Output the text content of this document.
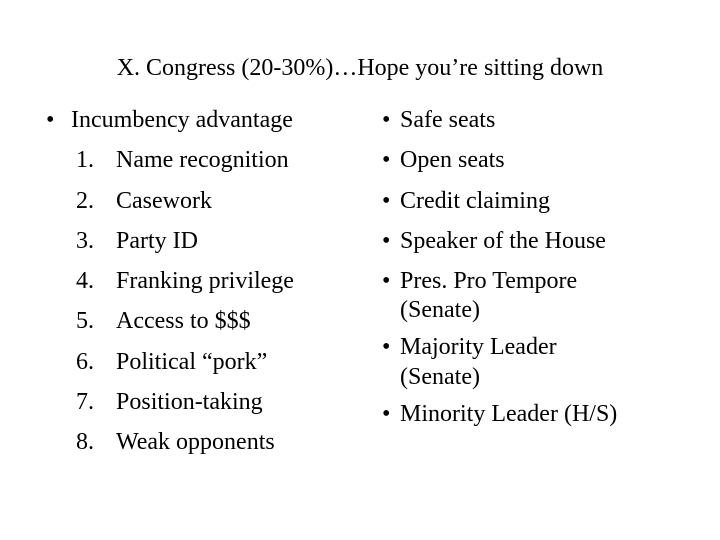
X. Congress (20-30%)…Hope you’re sitting down
• Incumbency advantage
1. Name recognition
2. Casework
3. Party ID
4. Franking privilege
5. Access to $$$
6. Political “pork”
7. Position-taking
8. Weak opponents
• Safe seats
• Open seats
• Credit claiming
• Speaker of the House
• Pres. Pro Tempore
(Senate)
• Majority Leader
(Senate)
• Minority Leader (H/S)
